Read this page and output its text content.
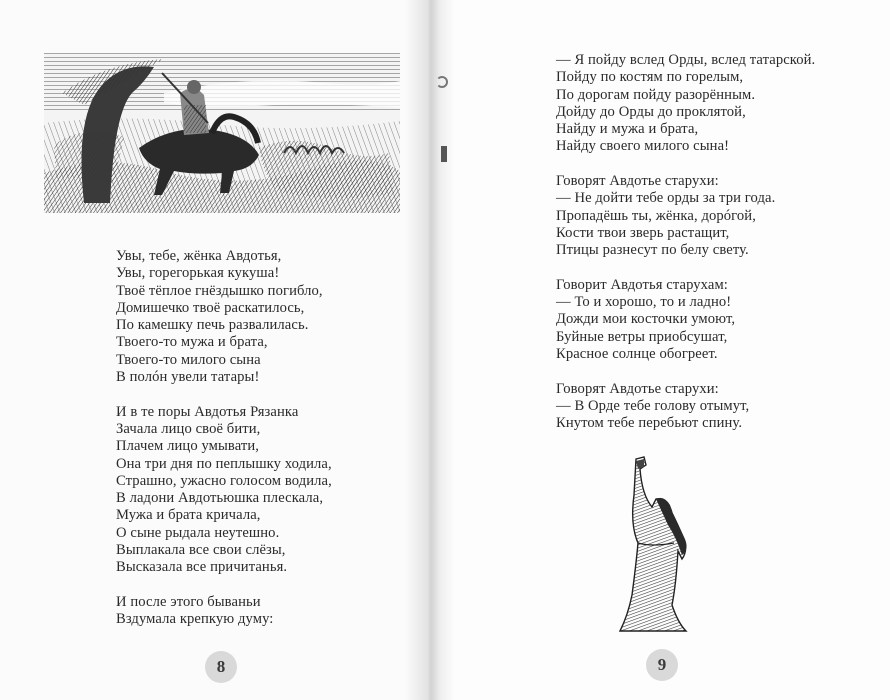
Увы, тебе, жёнка Авдотья,
Увы, горегорькая кукуша!
Твоё тёплое гнёздышко погибло,
Домишечко твоё раскатилось,
По камешку печь развалилась.
Твоего-то мужа и брата,
Твоего-то милого сына
В полóн увели татары!
И в те поры Авдотья Рязанка
Зачала лицо своё бити,
Плачем лицо умывати,
Она три дня по пеплышку ходила,
Страшно, ужасно голосом водила,
В ладони Авдотьюшка плескала,
Мужа и брата кричала,
О сыне рыдала неутешно.
Выплакала все свои слёзы,
Высказала все причитанья.
И после этого бываньи
Вздумала крепкую думу:
8
— Я пойду вслед Орды, вслед татарской.
Пойду по костям по горелым,
По дорогам пойду разорённым.
Дойду до Орды до проклятой,
Найду и мужа и брата,
Найду своего милого сына!
Говорят Авдотье старухи:
— Не дойти тебе орды за три года.
Пропадёшь ты, жёнка, дорóгой,
Кости твои зверь растащит,
Птицы разнесут по белу свету.
Говорит Авдотья старухам:
— То и хорошо, то и ладно!
Дожди мои косточки умоют,
Буйные ветры приобсушат,
Красное солнце обогреет.
Говорят Авдотье старухи:
— В Орде тебе голову отымут,
Кнутом тебе перебьют спину.
9
